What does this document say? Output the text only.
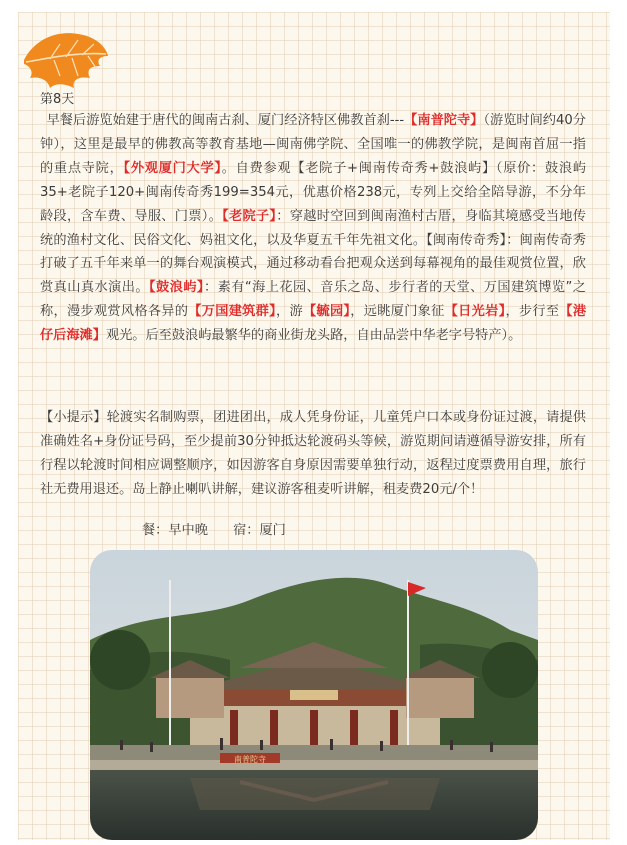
第8天

早餐后游览始建于唐代的闽南古刹、厦门经济特区佛教首刹---【南普陀寺】（游览时间约40分钟），这里是最早的佛教高等教育基地—闽南佛学院、全国唯一的佛教学院，是闽南首屈一指的重点寺院，【外观厦门大学】。自费参观【老院子+闽南传奇秀+鼓浪屿】（原价：鼓浪屿35+老院子120+闽南传奇秀199=354元，优惠价格238元，专列上交给全陪导游，不分年龄段，含车费、导服、门票）。【老院子】：穿越时空回到闽南渔村古厝，身临其境感受当地传统的渔村文化、民俗文化、妈祖文化，以及华夏五千年先祖文化。【闽南传奇秀】：闽南传奇秀打破了五千年来单一的舞台观演模式，通过移动看台把观众送到每幕视角的最佳观赏位置，欣赏真山真水演出。【鼓浪屿】：素有“海上花园、音乐之岛、步行者的天堂、万国建筑博览”之称，漫步观赏风格各异的【万国建筑群】，游【毓园】，远眺厦门象征【日光岩】，步行至【港仔后海滩】观光。后至鼓浪屿最繁华的商业街龙头路，自由品尝中华老字号特产）。

【小提示】轮渡实名制购票，团进团出，成人凭身份证，儿童凭户口本或身份证过渡，请提供准确姓名+身份证号码，至少提前30分钟抵达轮渡码头等候，游览期间请遵循导游安排，所有行程以轮渡时间相应调整顺序，如因游客自身原因需要单独行动，返程过度票费用自理，旅行社无费用退还。岛上静止喇叭讲解，建议游客租麦听讲解，租麦费20元/个！

餐：早中晚 宿：厦门
南普陀寺
